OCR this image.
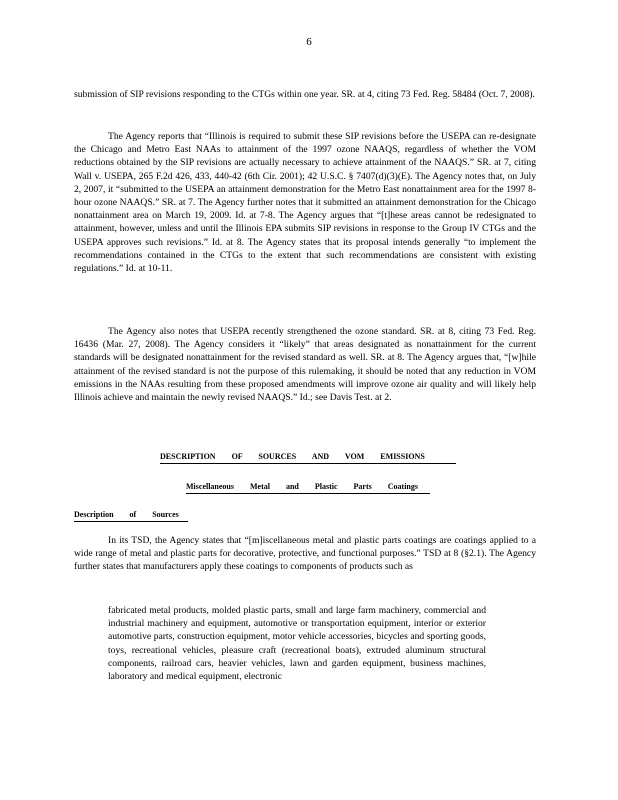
6

submission of SIP revisions responding to the CTGs within one year. SR. at 4, citing 73 Fed. Reg. 58484 (Oct. 7, 2008).

The Agency reports that “Illinois is required to submit these SIP revisions before the USEPA can re-designate the Chicago and Metro East NAAs to attainment of the 1997 ozone NAAQS, regardless of whether the VOM reductions obtained by the SIP revisions are actually necessary to achieve attainment of the NAAQS.” SR. at 7, citing Wall v. USEPA, 265 F.2d 426, 433, 440-42 (6th Cir. 2001); 42 U.S.C. § 7407(d)(3)(E). The Agency notes that, on July 2, 2007, it “submitted to the USEPA an attainment demonstration for the Metro East nonattainment area for the 1997 8-hour ozone NAAQS.” SR. at 7. The Agency further notes that it submitted an attainment demonstration for the Chicago nonattainment area on March 19, 2009. Id. at 7-8. The Agency argues that “[t]hese areas cannot be redesignated to attainment, however, unless and until the Illinois EPA submits SIP revisions in response to the Group IV CTGs and the USEPA approves such revisions.” Id. at 8. The Agency states that its proposal intends generally “to implement the recommendations contained in the CTGs to the extent that such recommendations are consistent with existing regulations.” Id. at 10-11.

The Agency also notes that USEPA recently strengthened the ozone standard. SR. at 8, citing 73 Fed. Reg. 16436 (Mar. 27, 2008). The Agency considers it “likely” that areas designated as nonattainment for the current standards will be designated nonattainment for the revised standard as well. SR. at 8. The Agency argues that, “[w]hile attainment of the revised standard is not the purpose of this rulemaking, it should be noted that any reduction in VOM emissions in the NAAs resulting from these proposed amendments will improve ozone air quality and will likely help Illinois achieve and maintain the newly revised NAAQS.” Id.; see Davis Test. at 2.

DESCRIPTION OF SOURCES AND VOM EMISSIONS
Miscellaneous Metal and Plastic Parts Coatings
Description of Sources

In its TSD, the Agency states that “[m]iscellaneous metal and plastic parts coatings are coatings applied to a wide range of metal and plastic parts for decorative, protective, and functional purposes.” TSD at 8 (§2.1). The Agency further states that manufacturers apply these coatings to components of products such as

fabricated metal products, molded plastic parts, small and large farm machinery, commercial and industrial machinery and equipment, automotive or transportation equipment, interior or exterior automotive parts, construction equipment, motor vehicle accessories, bicycles and sporting goods, toys, recreational vehicles, pleasure craft (recreational boats), extruded aluminum structural components, railroad cars, heavier vehicles, lawn and garden equipment, business machines, laboratory and medical equipment, electronic
